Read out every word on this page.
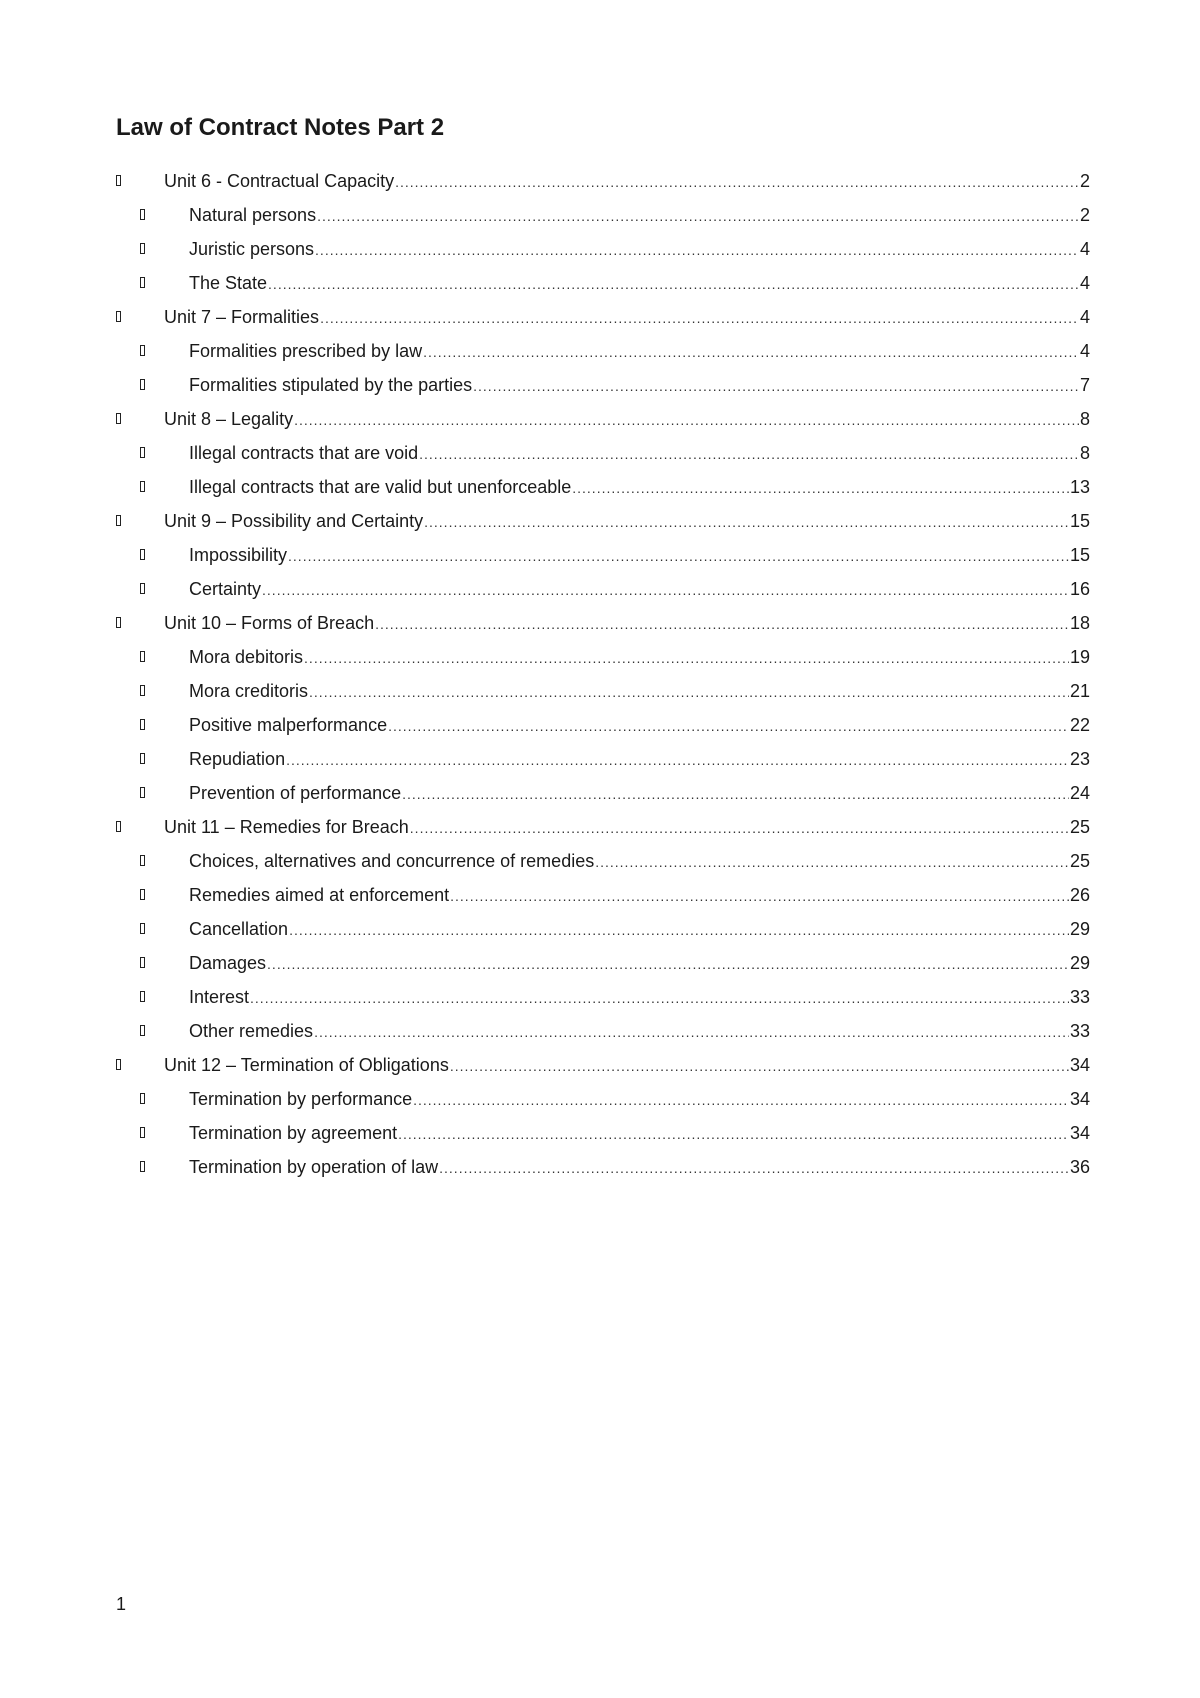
Law of Contract Notes Part 2
Unit 6 - Contractual Capacity .....	2
Natural persons .....	2
Juristic persons .....	4
The State .....	4
Unit 7 – Formalities .....	4
Formalities prescribed by law .....	4
Formalities stipulated by the parties .....	7
Unit 8 – Legality .....	8
Illegal contracts that are void .....	8
Illegal contracts that are valid but unenforceable .....	13
Unit 9 – Possibility and Certainty .....	15
Impossibility .....	15
Certainty .....	16
Unit 10 – Forms of Breach .....	18
Mora debitoris .....	19
Mora creditoris .....	21
Positive malperformance .....	22
Repudiation .....	23
Prevention of performance .....	24
Unit 11 – Remedies for Breach .....	25
Choices, alternatives and concurrence of remedies .....	25
Remedies aimed at enforcement .....	26
Cancellation .....	29
Damages .....	29
Interest .....	33
Other remedies .....	33
Unit 12 – Termination of Obligations .....	34
Termination by performance .....	34
Termination by agreement .....	34
Termination by operation of law .....	36
1
